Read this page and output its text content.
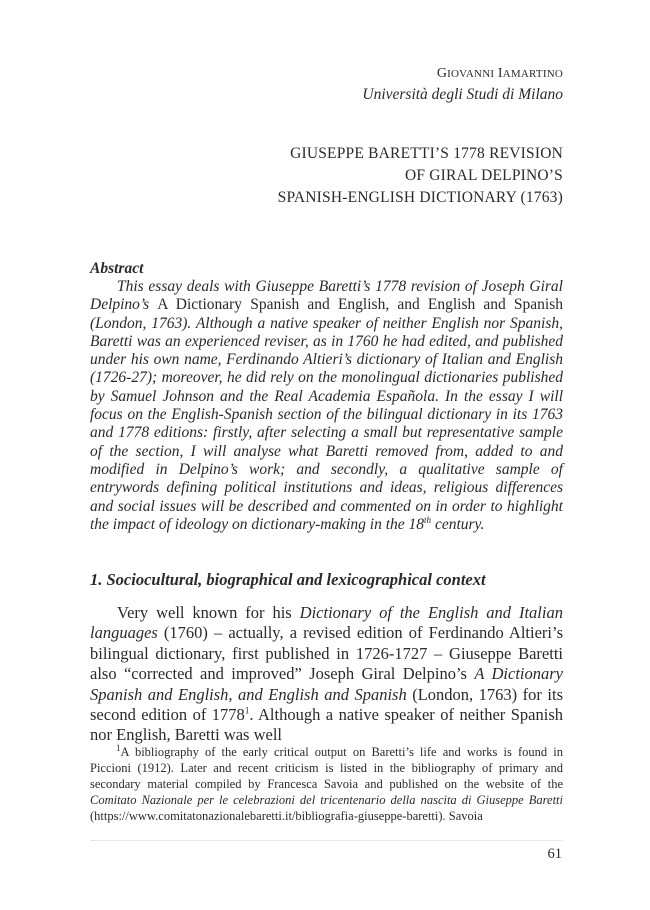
GIOVANNI IAMARTINO
Università degli Studi di Milano
GIUSEPPE BARETTI’S 1778 REVISION
OF GIRAL DELPINO’S
SPANISH-ENGLISH DICTIONARY (1763)
Abstract
This essay deals with Giuseppe Baretti’s 1778 revision of Joseph Giral Delpino’s A Dictionary Spanish and English, and English and Spanish (London, 1763). Although a native speaker of neither English nor Spanish, Baretti was an experienced reviser, as in 1760 he had edited, and published under his own name, Ferdinando Altieri’s dictionary of Italian and English (1726-27); moreover, he did rely on the monolingual dictionaries published by Samuel Johnson and the Real Academia Española. In the essay I will focus on the English-Spanish section of the bilingual dictionary in its 1763 and 1778 editions: firstly, after selecting a small but representative sample of the section, I will analyse what Baretti removed from, added to and modified in Delpino’s work; and secondly, a qualitative sample of entrywords defining political institutions and ideas, religious differences and social issues will be described and commented on in order to highlight the impact of ideology on dictionary-making in the 18th century.
1. Sociocultural, biographical and lexicographical context
Very well known for his Dictionary of the English and Italian languages (1760) – actually, a revised edition of Ferdinando Altieri’s bilingual dictionary, first published in 1726-1727 – Giuseppe Baretti also “corrected and improved” Joseph Giral Delpino’s A Dictionary Spanish and English, and English and Spanish (London, 1763) for its second edition of 1778$^1$. Although a native speaker of neither Spanish nor English, Baretti was well
$^1$A bibliography of the early critical output on Baretti’s life and works is found in Piccioni (1912). Later and recent criticism is listed in the bibliography of primary and secondary material compiled by Francesca Savoia and published on the website of the Comitato Nazionale per le celebrazioni del tricentenario della nascita di Giuseppe Baretti (https://www.comitatonazionalebaretti.it/bibliografia-giuseppe-baretti). Savoia
61
